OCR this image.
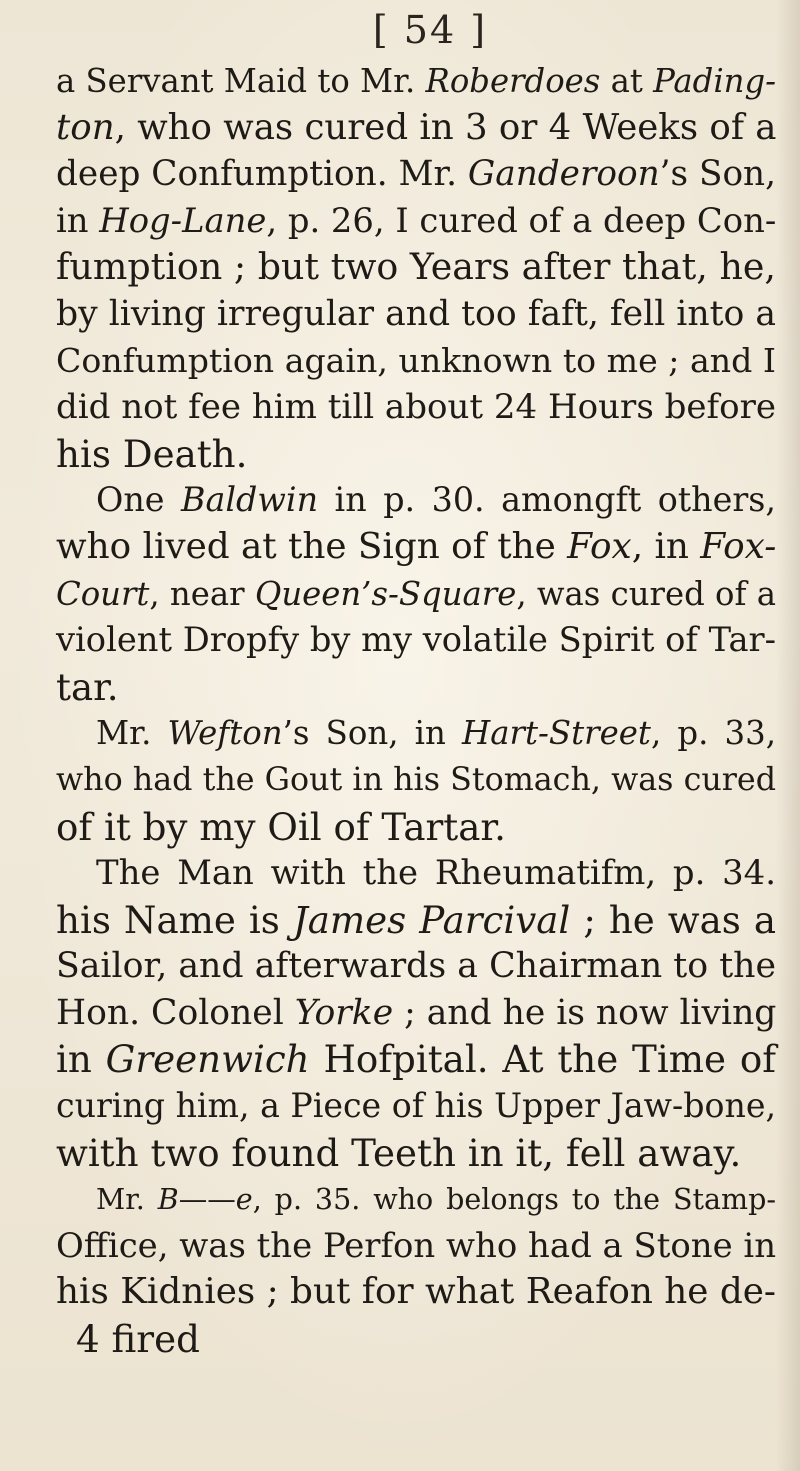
[ 54 ]
a Servant Maid to Mr. Roberdoes at Pading-
ton, who was cured in 3 or 4 Weeks of a
deep Confumption. Mr. Ganderoon’s Son,
in Hog-Lane, p. 26, I cured of a deep Con-
fumption ; but two Years after that, he,
by living irregular and too faft, fell into a
Confumption again, unknown to me ; and I
did not fee him till about 24 Hours before
his Death.
One Baldwin in p. 30. amongft others,
who lived at the Sign of the Fox, in Fox-
Court, near Queen’s-Square, was cured of a
violent Dropfy by my volatile Spirit of Tar-
tar.
Mr. Wefton’s Son, in Hart-Street, p. 33,
who had the Gout in his Stomach, was cured
of it by my Oil of Tartar.
The Man with the Rheumatifm, p. 34.
his Name is James Parcival ; he was a
Sailor, and afterwards a Chairman to the
Hon. Colonel Yorke ; and he is now living
in Greenwich Hofpital. At the Time of
curing him, a Piece of his Upper Jaw-bone,
with two found Teeth in it, fell away.
Mr. B——e, p. 35. who belongs to the Stamp-
Office, was the Perfon who had a Stone in
his Kidnies ; but for what Reafon he de-
4 fired
